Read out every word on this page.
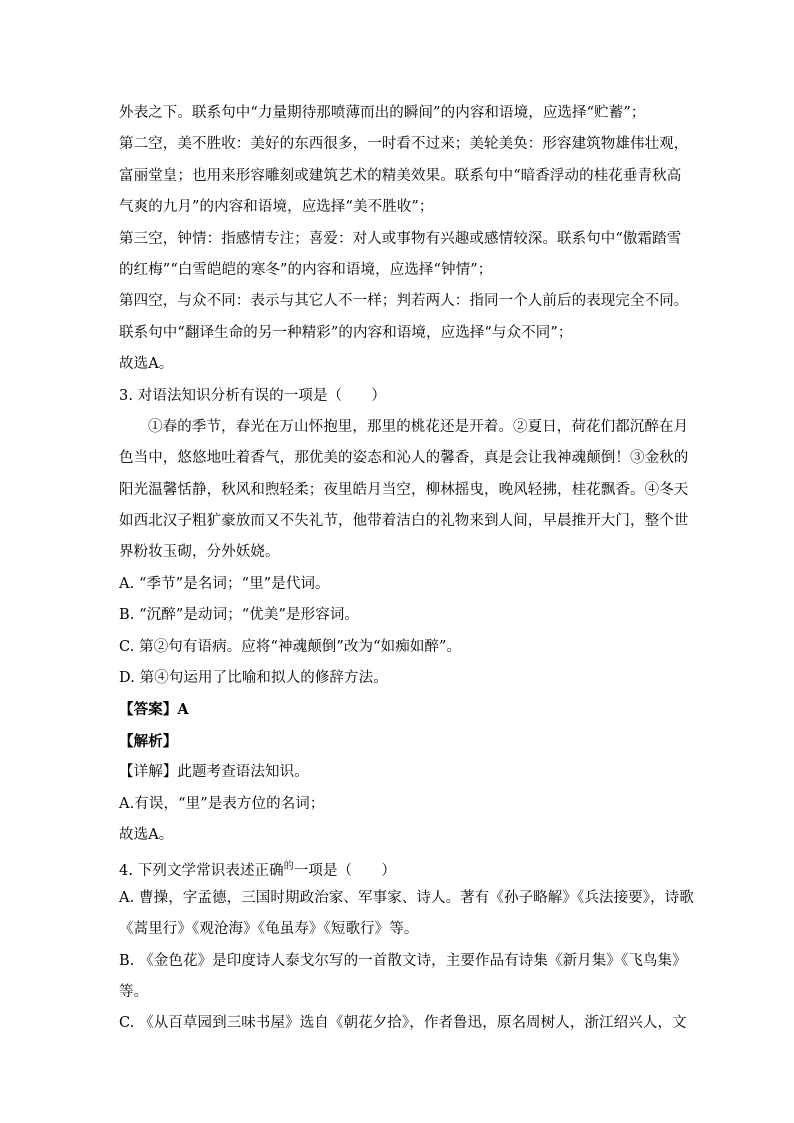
外表之下。联系句中“力量期待那喷薄而出的瞬间”的内容和语境，应选择“贮蓄”；
第二空，美不胜收：美好的东西很多，一时看不过来；美轮美奂：形容建筑物雄伟壮观，
富丽堂皇；也用来形容雕刻或建筑艺术的精美效果。联系句中“暗香浮动的桂花垂青秋高
气爽的九月”的内容和语境，应选择“美不胜收”；
第三空，钟情：指感情专注；喜爱：对人或事物有兴趣或感情较深。联系句中“傲霜踏雪
的红梅”“白雪皑皑的寒冬”的内容和语境，应选择“钟情”；
第四空，与众不同：表示与其它人不一样；判若两人：指同一个人前后的表现完全不同。
联系句中“翻译生命的另一种精彩”的内容和语境，应选择“与众不同”；
故选A。
3. 对语法知识分析有误的一项是（　　）
①春的季节，春光在万山怀抱里，那里的桃花还是开着。②夏日，荷花们都沉醉在月
色当中，悠悠地吐着香气，那优美的姿态和沁人的馨香，真是会让我神魂颠倒！③金秋的
阳光温馨恬静，秋风和煦轻柔；夜里皓月当空，柳林摇曳，晚风轻拂，桂花飘香。④冬天
如西北汉子粗犷豪放而又不失礼节，他带着洁白的礼物来到人间，早晨推开大门，整个世
界粉妆玉砌，分外妖娆。
A. “季节”是名词；“里”是代词。
B. “沉醉”是动词；“优美”是形容词。
C. 第②句有语病。应将“神魂颠倒”改为“如痴如醉”。
D. 第④句运用了比喻和拟人的修辞方法。
【答案】A
【解析】
【详解】此题考查语法知识。
A.有误，“里”是表方位的名词；
故选A。
4. 下列文学常识表述正确$^的$一项是（　　）
A. 曹操，字孟德，三国时期政治家、军事家、诗人。著有《孙子略解》《兵法接要》，诗歌
《蒿里行》《观沧海》《龟虽寿》《短歌行》等。
B. 《金色花》是印度诗人泰戈尔写的一首散文诗，主要作品有诗集《新月集》《飞鸟集》
等。
C. 《从百草园到三味书屋》选自《朝花夕拾》，作者鲁迅，原名周树人，浙江绍兴人，文
